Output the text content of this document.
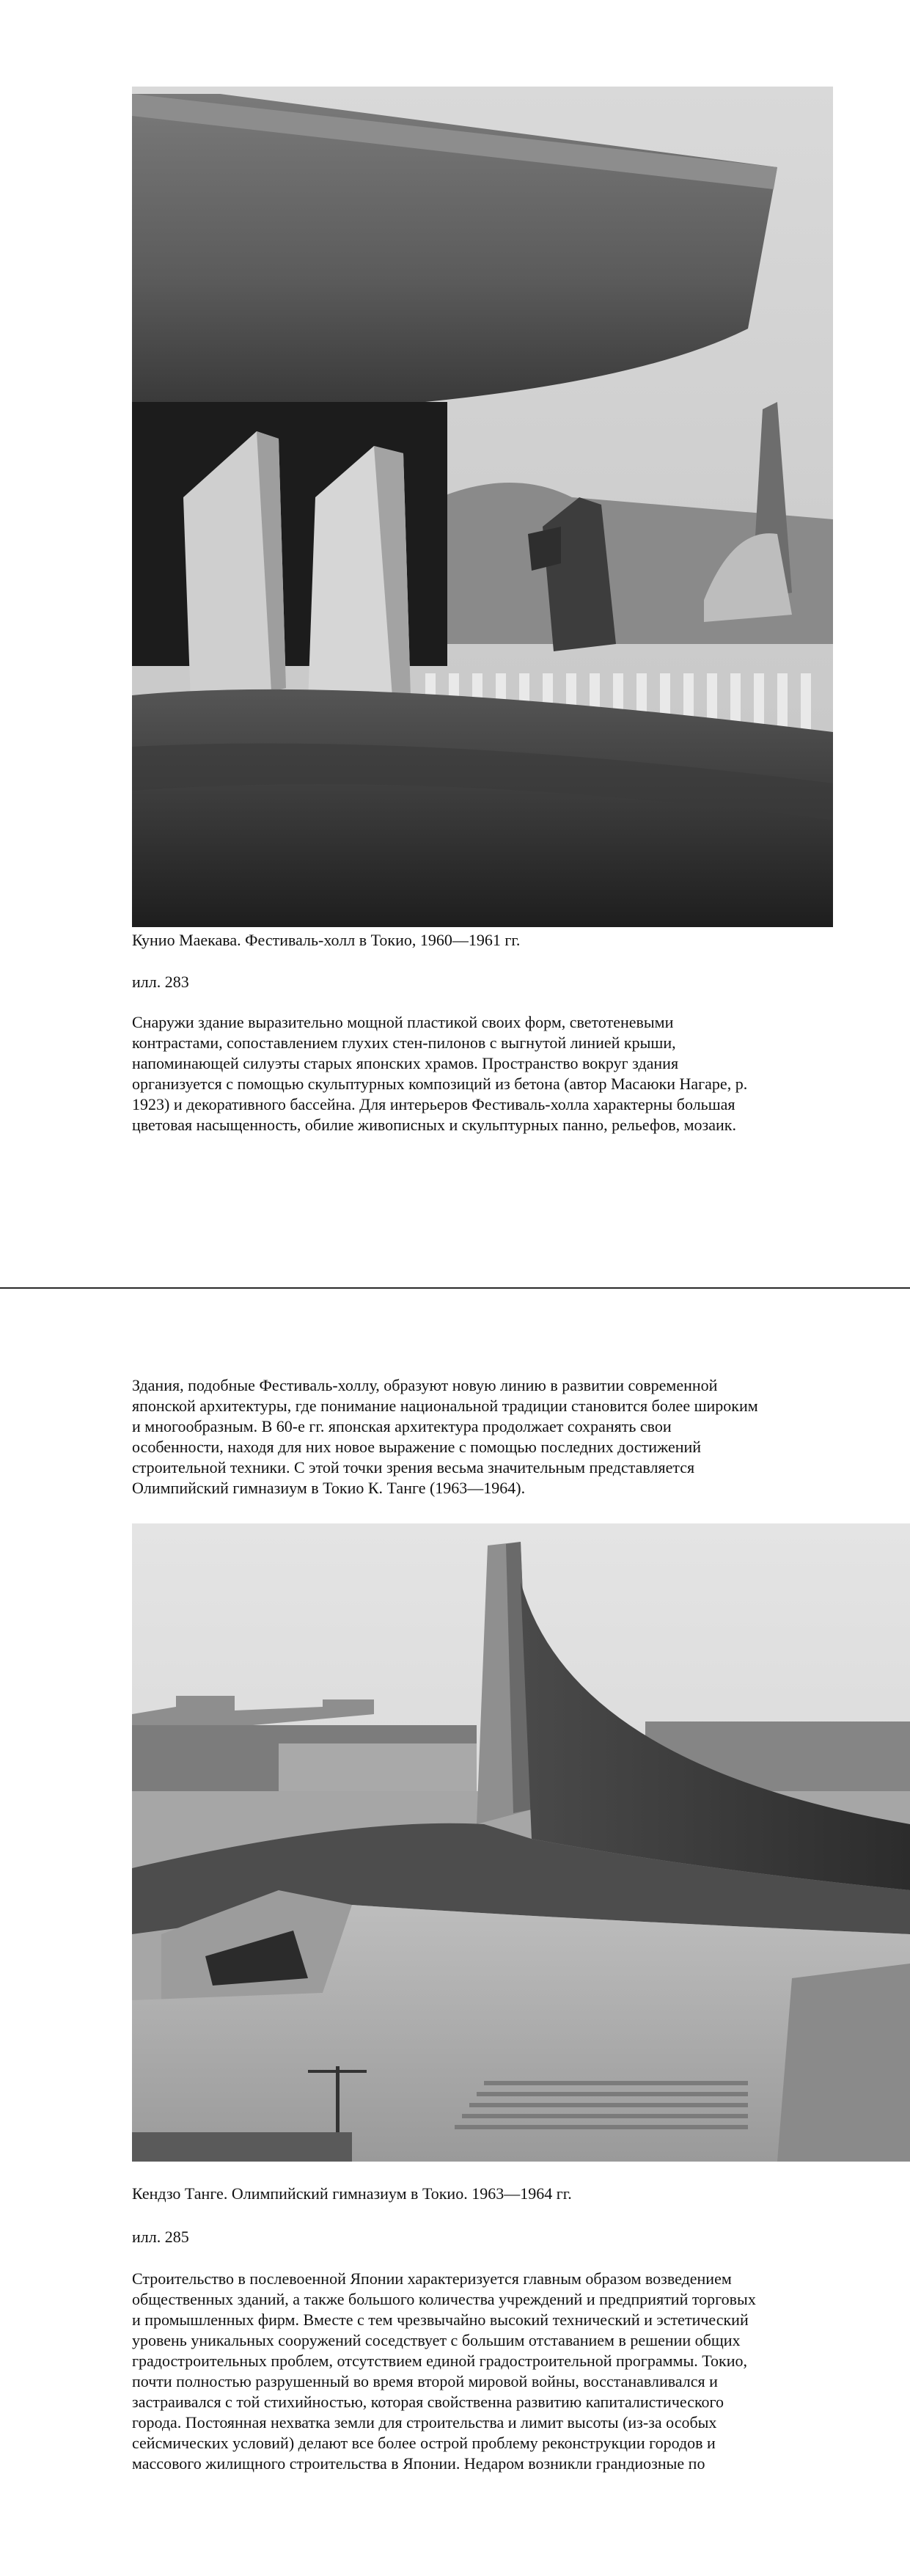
Кунио Маекава. Фестиваль-холл в Токио, 1960—1961 гг.

илл. 283

Снаружи здание выразительно мощной пластикой своих форм, светотеневыми
контрастами, сопоставлением глухих стен-пилонов с выгнутой линией крыши,
напоминающей силуэты старых японских храмов. Пространство вокруг здания
организуется с помощью скульптурных композиций из бетона (автор Масаюки Нагаре, р.
1923) и декоративного бассейна. Для интерьеров Фестиваль-холла характерны большая
цветовая насыщенность, обилие живописных и скульптурных панно, рельефов, мозаик.
Здания, подобные Фестиваль-холлу, образуют новую линию в развитии современной
японской архитектуры, где понимание национальной традиции становится более широким
и многообразным. В 60-е гг. японская архитектура продолжает сохранять свои
особенности, находя для них новое выражение с помощью последних достижений
строительной техники. С этой точки зрения весьма значительным представляется
Олимпийский гимназиум в Токио К. Танге (1963—1964).

Кендзо Танге. Олимпийский гимназиум в Токио. 1963—1964 гг.

илл. 285

Строительство в послевоенной Японии характеризуется главным образом возведением
общественных зданий, а также большого количества учреждений и предприятий торговых
и промышленных фирм. Вместе с тем чрезвычайно высокий технический и эстетический
уровень уникальных сооружений соседствует с большим отставанием в решении общих
градостроительных проблем, отсутствием единой градостроительной программы. Токио,
почти полностью разрушенный во время второй мировой войны, восстанавливался и
застраивался с той стихийностью, которая свойственна развитию капиталистического
города. Постоянная нехватка земли для строительства и лимит высоты (из-за особых
сейсмических условий) делают все более острой проблему реконструкции городов и
массового жилищного строительства в Японии. Недаром возникли грандиозные по
